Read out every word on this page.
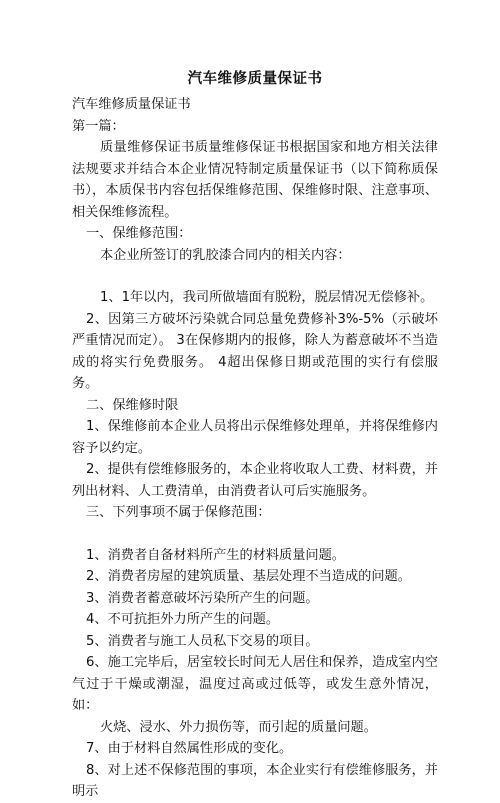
汽车维修质量保证书

汽车维修质量保证书

第一篇：

质量维修保证书质量维修保证书根据国家和地方相关法律法规要求并结合本企业情况特制定质量保证书（以下简称质保书），本质保书内容包括保维修范围、保维修时限、注意事项、相关保维修流程。

一、保维修范围：

本企业所签订的乳胶漆合同内的相关内容：

1、1年以内，我司所做墙面有脱粉，脱层情况无偿修补。

2、因第三方破坏污染就合同总量免费修补3%-5%（示破坏严重情况而定）。 3在保修期内的报修，除人为蓄意破坏不当造成的将实行免费服务。 4超出保修日期或范围的实行有偿服务。

二、保维修时限

1、保维修前本企业人员将出示保维修处理单，并将保维修内容予以约定。

2、提供有偿维修服务的，本企业将收取人工费、材料费，并列出材料、人工费清单，由消费者认可后实施服务。

三、下列事项不属于保修范围：

1、消费者自备材料所产生的材料质量问题。

2、消费者房屋的建筑质量、基层处理不当造成的问题。

3、消费者蓄意破坏污染所产生的问题。

4、不可抗拒外力所产生的问题。

5、消费者与施工人员私下交易的项目。

6、施工完毕后，居室较长时间无人居住和保养，造成室内空气过于干燥或潮湿，温度过高或过低等，或发生意外情况，如：

火烧、浸水、外力损伤等，而引起的质量问题。

7、由于材料自然属性形成的变化。

8、对上述不保修范围的事项，本企业实行有偿维修服务，并明示
